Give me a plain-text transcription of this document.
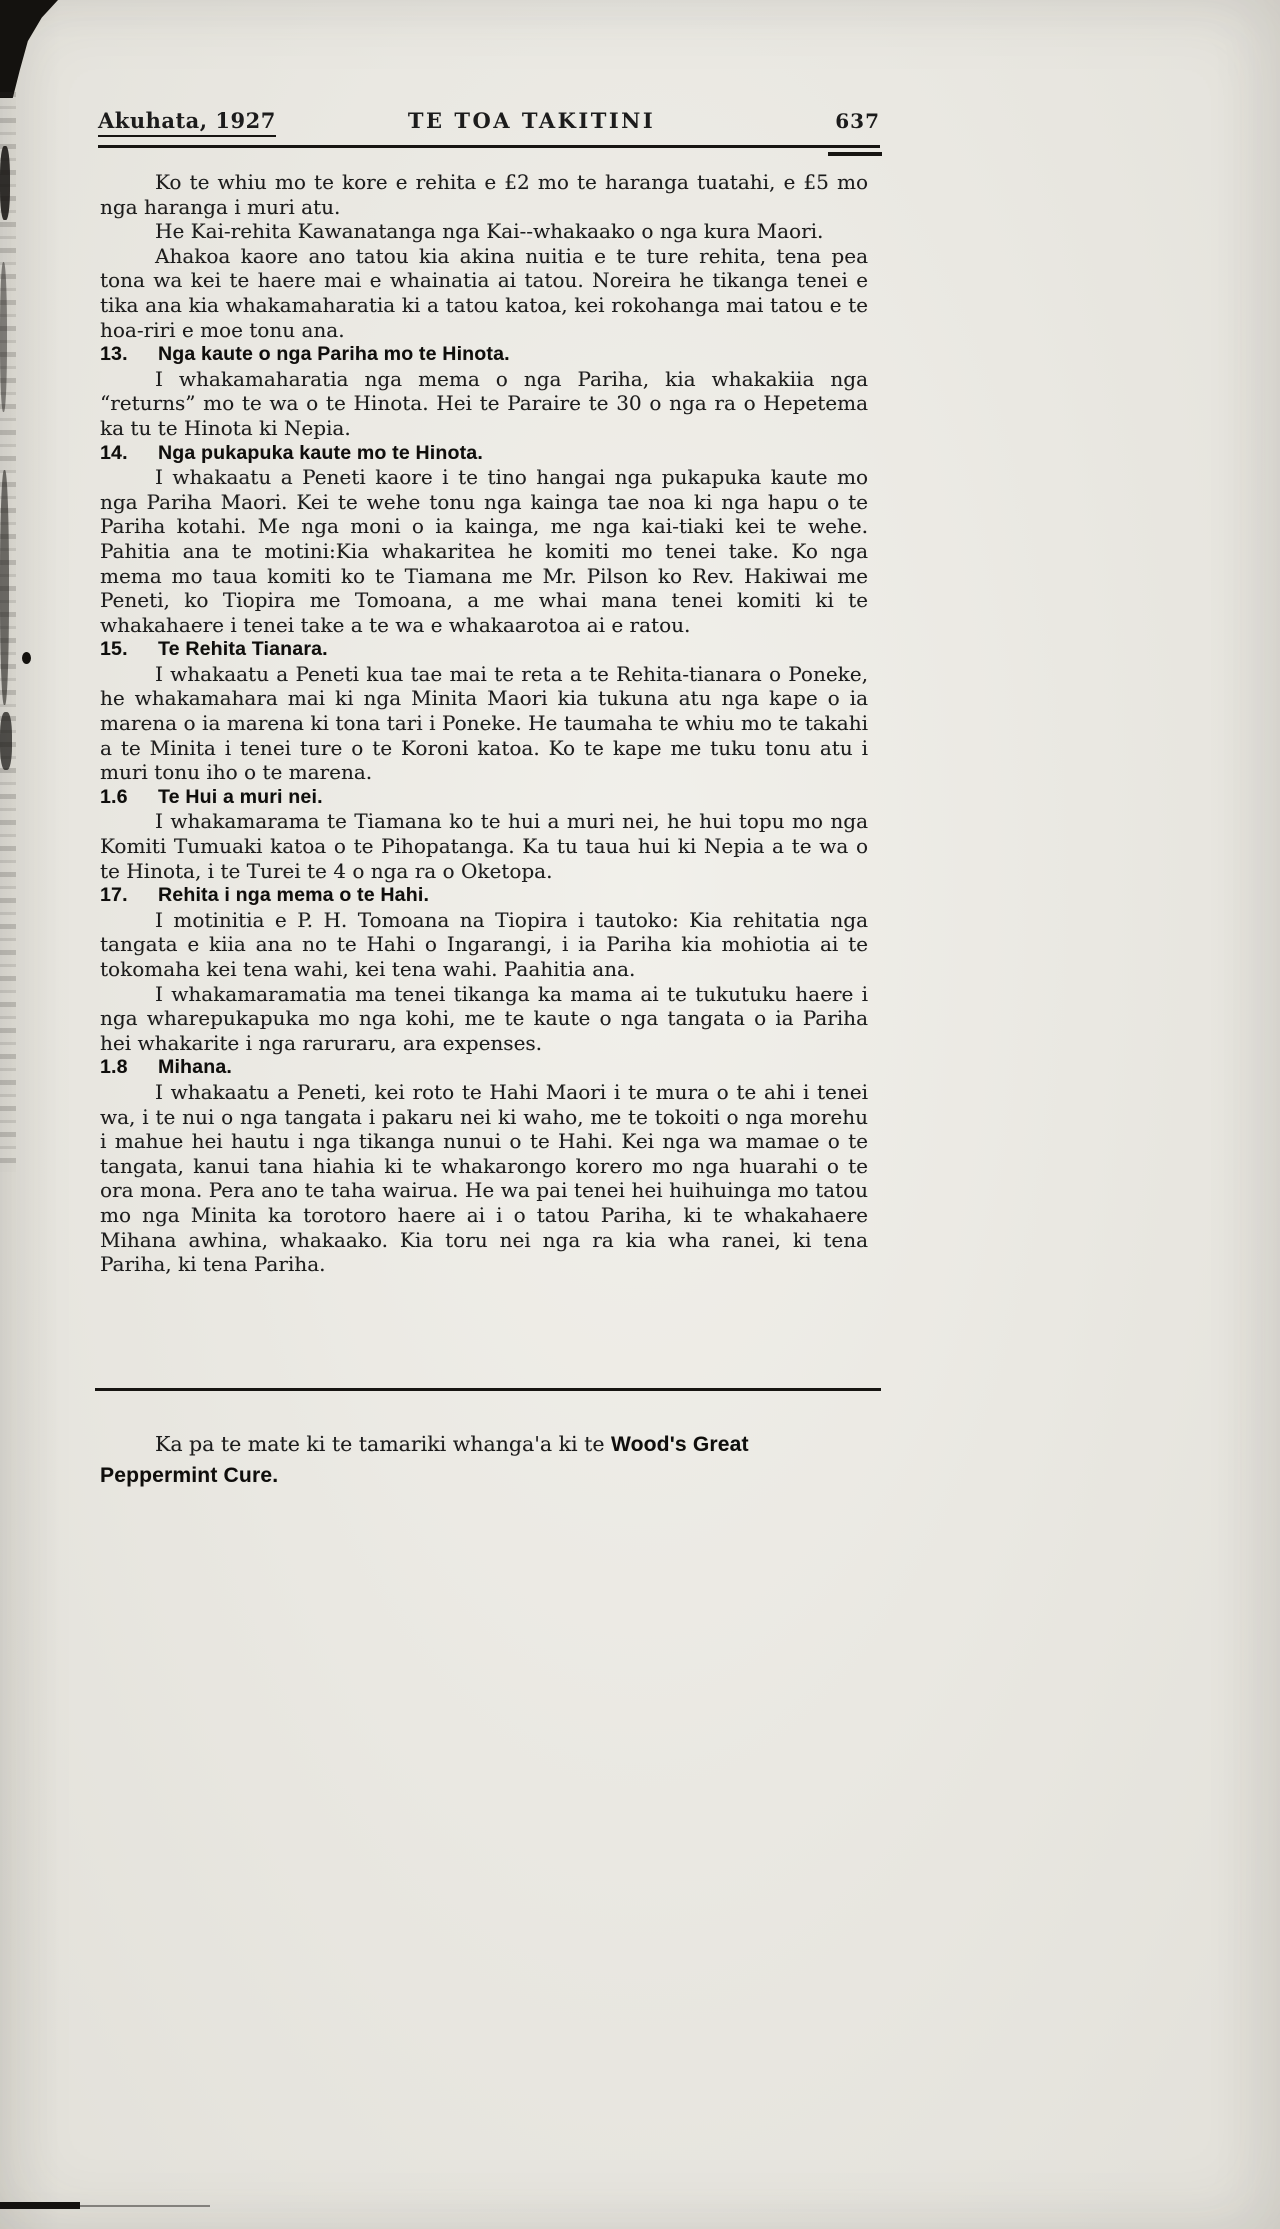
Akuhata, 1927	TE TOA TAKITINI	637

Ko te whiu mo te kore e rehita e £2 mo te haranga tuatahi, e £5 mo nga haranga i muri atu.

He Kai-rehita Kawanatanga nga Kai--whakaako o nga kura Maori.

Ahakoa kaore ano tatou kia akina nuitia e te ture rehita, tena pea tona wa kei te haere mai e whainatia ai tatou. Noreira he tikanga tenei e tika ana kia whakamaharatia ki a tatou katoa, kei rokohanga mai tatou e te hoa-riri e moe tonu ana.

13. Nga kaute o nga Pariha mo te Hinota.

I whakamaharatia nga mema o nga Pariha, kia whakakiia nga “returns” mo te wa o te Hinota. Hei te Paraire te 30 o nga ra o Hepetema ka tu te Hinota ki Nepia.

14. Nga pukapuka kaute mo te Hinota.

I whakaatu a Peneti kaore i te tino hangai nga pukapuka kaute mo nga Pariha Maori. Kei te wehe tonu nga kainga tae noa ki nga hapu o te Pariha kotahi. Me nga moni o ia kainga, me nga kai-tiaki kei te wehe. Pahitia ana te motini:Kia whakaritea he komiti mo tenei take. Ko nga mema mo taua komiti ko te Tiamana me Mr. Pilson ko Rev. Hakiwai me Peneti, ko Tiopira me Tomoana, a me whai mana tenei komiti ki te whakahaere i tenei take a te wa e whakaarotoa ai e ratou.

15. Te Rehita Tianara.

I whakaatu a Peneti kua tae mai te reta a te Rehita-tianara o Poneke, he whakamahara mai ki nga Minita Maori kia tukuna atu nga kape o ia marena o ia marena ki tona tari i Poneke. He taumaha te whiu mo te takahi a te Minita i tenei ture o te Koroni katoa. Ko te kape me tuku tonu atu i muri tonu iho o te marena.

1.6 Te Hui a muri nei.

I whakamarama te Tiamana ko te hui a muri nei, he hui topu mo nga Komiti Tumuaki katoa o te Pihopatanga. Ka tu taua hui ki Nepia a te wa o te Hinota, i te Turei te 4 o nga ra o Oketopa.

17. Rehita i nga mema o te Hahi.

I motinitia e P. H. Tomoana na Tiopira i tautoko: Kia rehitatia nga tangata e kiia ana no te Hahi o Ingarangi, i ia Pariha kia mohiotia ai te tokomaha kei tena wahi, kei tena wahi. Paahitia ana.

I whakamaramatia ma tenei tikanga ka mama ai te tukutuku haere i nga wharepukapuka mo nga kohi, me te kaute o nga tangata o ia Pariha hei whakarite i nga raruraru, ara expenses.

1.8 Mihana.

I whakaatu a Peneti, kei roto te Hahi Maori i te mura o te ahi i tenei wa, i te nui o nga tangata i pakaru nei ki waho, me te tokoiti o nga morehu i mahue hei hautu i nga tikanga nunui o te Hahi. Kei nga wa mamae o te tangata, kanui tana hiahia ki te whakarongo korero mo nga huarahi o te ora mona. Pera ano te taha wairua. He wa pai tenei hei huihuinga mo tatou mo nga Minita ka torotoro haere ai i o tatou Pariha, ki te whakahaere Mihana awhina, whakaako. Kia toru nei nga ra kia wha ranei, ki tena Pariha, ki tena Pariha.

Ka pa te mate ki te tamariki whanga'a ki te Wood's Great
Peppermint Cure.
